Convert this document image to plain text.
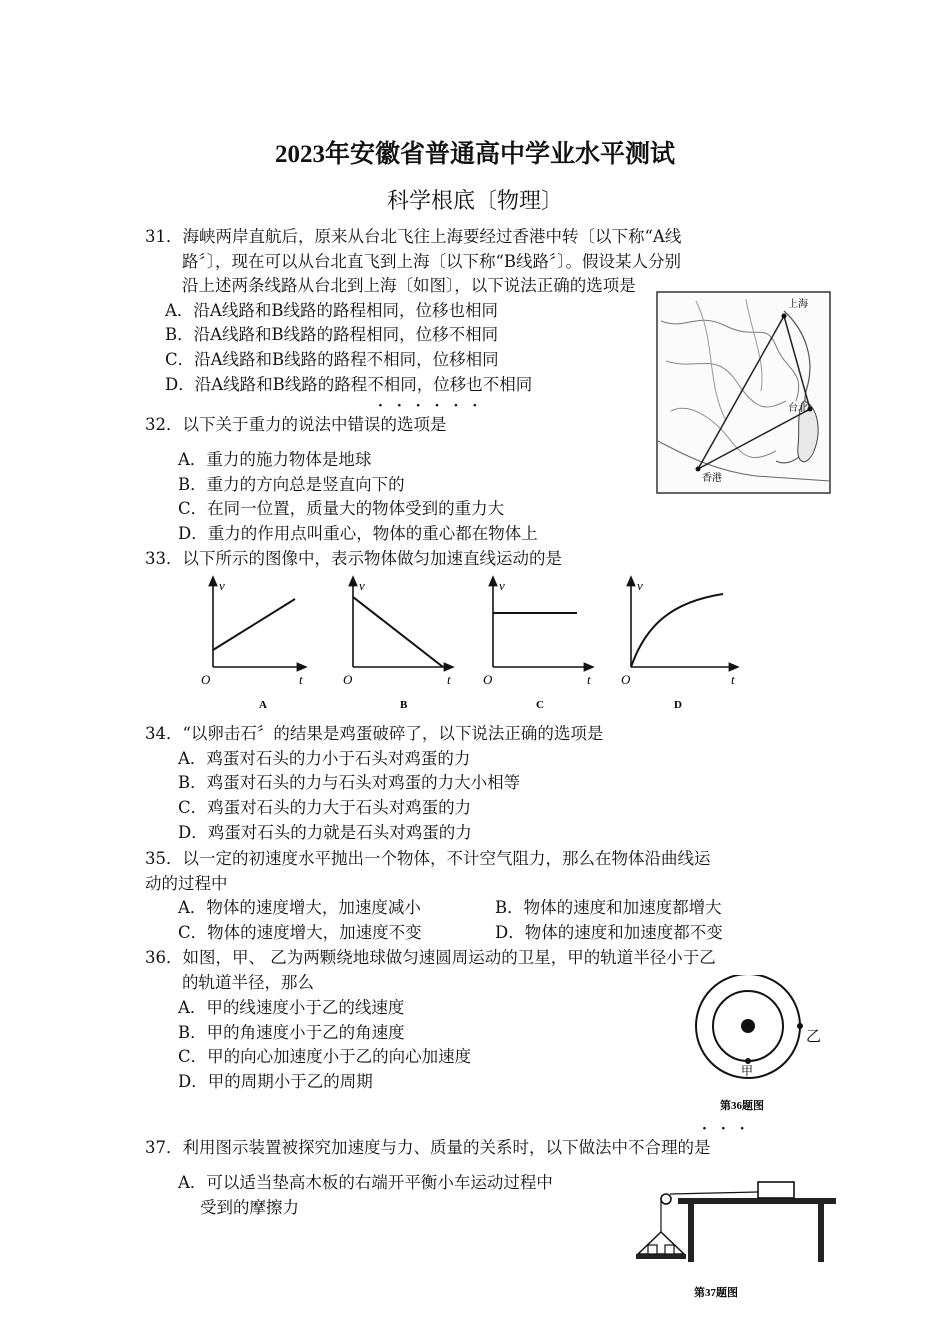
2023年安徽省普通高中学业水平测试
科学根底〔物理〕
31．海峡两岸直航后，原来从台北飞往上海要经过香港中转〔以下称“A线
路〞〕，现在可以从台北直飞到上海〔以下称“B线路〞〕。假设某人分别
沿上述两条线路从台北到上海〔如图〕，以下说法正确的选项是
A．沿A线路和B线路的路程相同，位移也相同
B．沿A线路和B线路的路程相同，位移不相同
C．沿A线路和B线路的路程不相同，位移相同
D．沿A线路和B线路的路程不相同，位移也不相同
上海
台北
香港
······
32．以下关于重力的说法中错误的选项是
A．重力的施力物体是地球
B．重力的方向总是竖直向下的
C．在同一位置，质量大的物体受到的重力大
D．重力的作用点叫重心，物体的重心都在物体上
33．以下所示的图像中，表示物体做匀加速直线运动的是
v
t
O
A
v
t
O
B
v
t
O
C
v
t
O
D
34．“以卵击石〞的结果是鸡蛋破碎了，以下说法正确的选项是
A．鸡蛋对石头的力小于石头对鸡蛋的力
B．鸡蛋对石头的力与石头对鸡蛋的力大小相等
C．鸡蛋对石头的力大于石头对鸡蛋的力
D．鸡蛋对石头的力就是石头对鸡蛋的力
35．以一定的初速度水平抛出一个物体，不计空气阻力，那么在物体沿曲线运
动的过程中
A．物体的速度增大，加速度减小	B．物体的速度和加速度都增大
C．物体的速度增大，加速度不变	D．物体的速度和加速度都不变
36．如图，甲、 乙为两颗绕地球做匀速圆周运动的卫星，甲的轨道半径小于乙
的轨道半径，那么
A．甲的线速度小于乙的线速度
B．甲的角速度小于乙的角速度
C．甲的向心加速度小于乙的向心加速度
D．甲的周期小于乙的周期
甲
乙
第36题图
···
37．利用图示装置被探究加速度与力、质量的关系时，以下做法中不合理的是
A．可以适当垫高木板的右端开平衡小车运动过程中
受到的摩擦力
第37题图
